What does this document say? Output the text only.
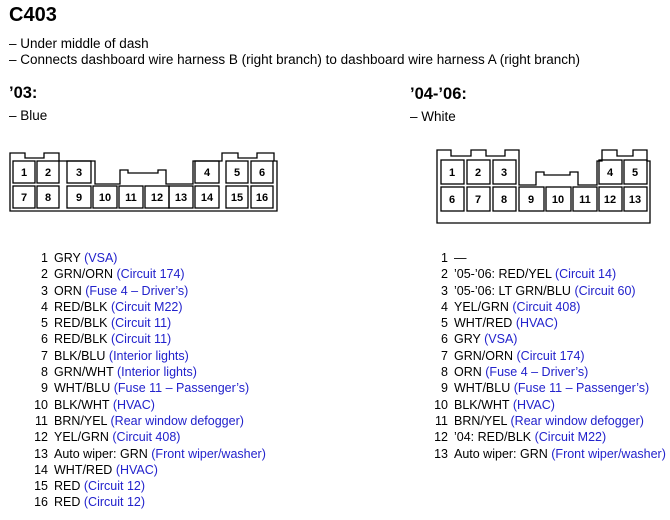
C403
– Under middle of dash
– Connects dashboard wire harness B (right branch) to dashboard wire harness A (right branch)
’03:
– Blue
’04-’06:
– White
1 2 3	4 5 6
7 8 9 10 11 12 13 14 15 16
1 2 3	4 5
6 7 8 9 10 11 12 13
1 GRY (VSA)
2 GRN/ORN (Circuit 174)
3 ORN (Fuse 4 – Driver’s)
4 RED/BLK (Circuit M22)
5 RED/BLK (Circuit 11)
6 RED/BLK (Circuit 11)
7 BLK/BLU (Interior lights)
8 GRN/WHT (Interior lights)
9 WHT/BLU (Fuse 11 – Passenger’s)
10 BLK/WHT (HVAC)
11 BRN/YEL (Rear window defogger)
12 YEL/GRN (Circuit 408)
13 Auto wiper: GRN (Front wiper/washer)
14 WHT/RED (HVAC)
15 RED (Circuit 12)
16 RED (Circuit 12)
1 —
2 ’05-’06: RED/YEL (Circuit 14)
3 ’05-’06: LT GRN/BLU (Circuit 60)
4 YEL/GRN (Circuit 408)
5 WHT/RED (HVAC)
6 GRY (VSA)
7 GRN/ORN (Circuit 174)
8 ORN (Fuse 4 – Driver’s)
9 WHT/BLU (Fuse 11 – Passenger’s)
10 BLK/WHT (HVAC)
11 BRN/YEL (Rear window defogger)
12 ’04: RED/BLK (Circuit M22)
13 Auto wiper: GRN (Front wiper/washer)
